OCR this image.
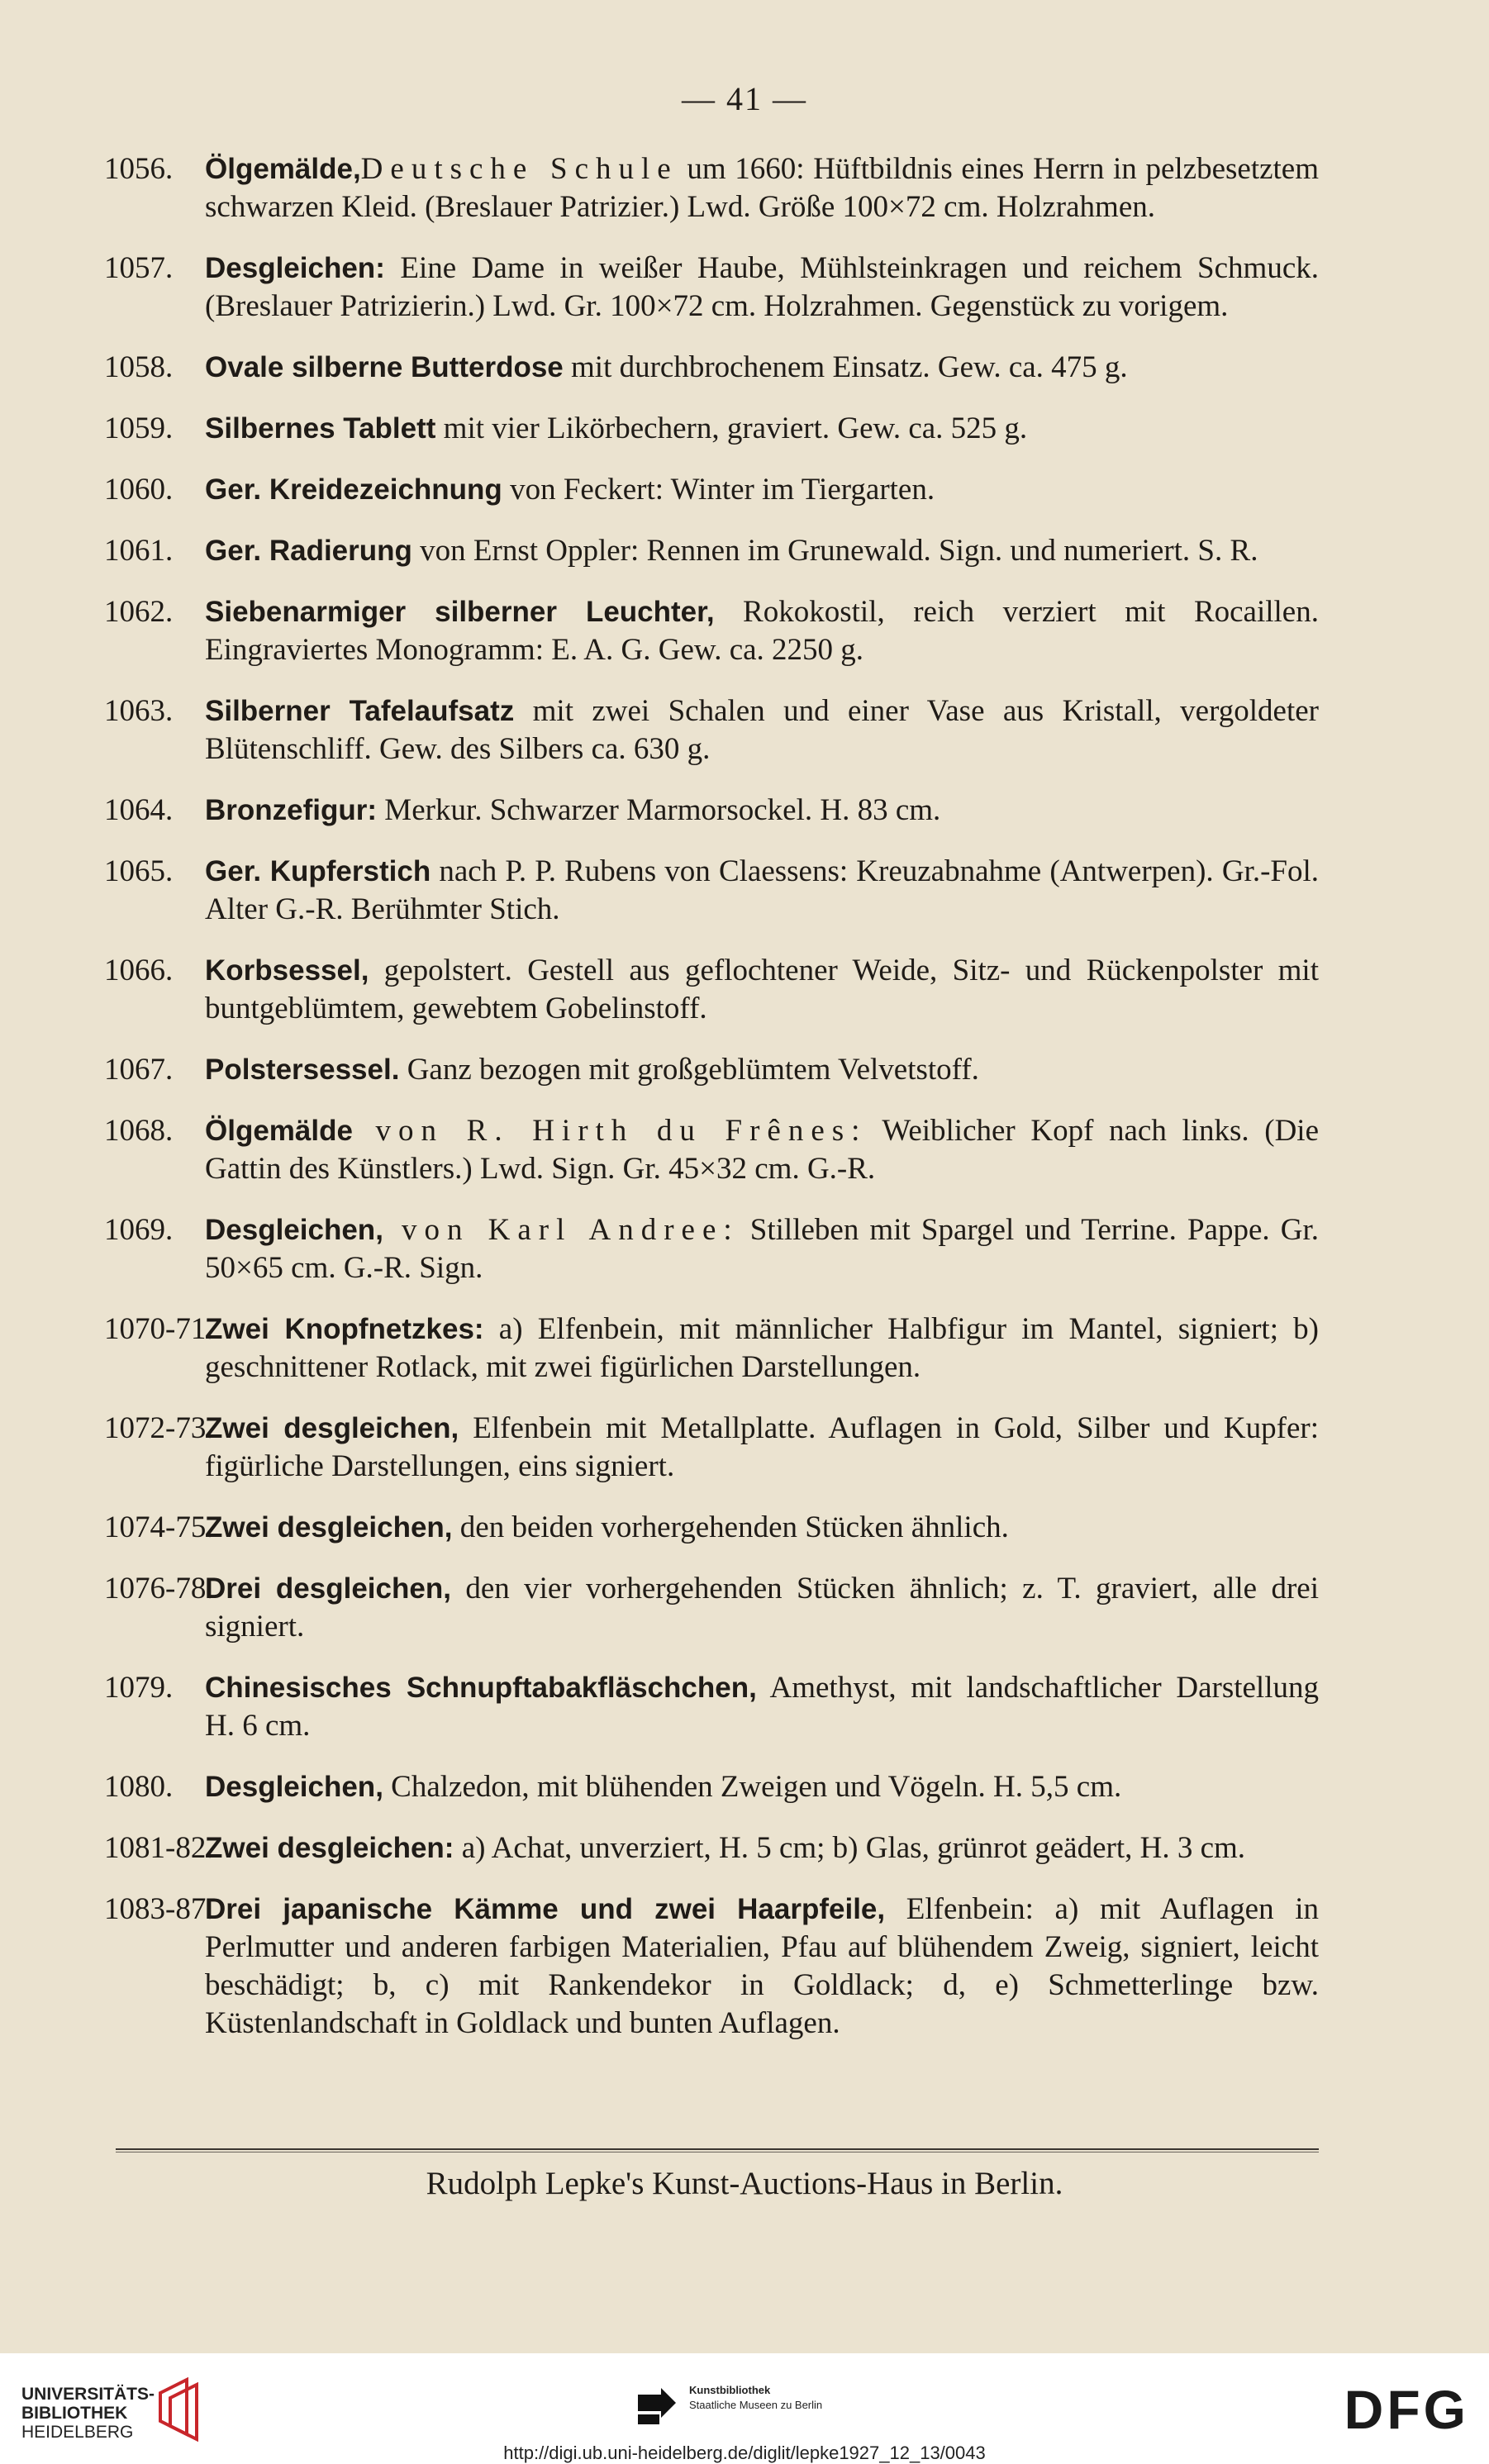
— 41 —
1056. Ölgemälde,Deutsche Schule um 1660: Hüftbildnis eines Herrn in pelzbesetztem schwarzen Kleid. (Breslauer Patrizier.) Lwd. Größe 100×72 cm. Holzrahmen.
1057. Desgleichen: Eine Dame in weißer Haube, Mühlsteinkragen und reichem Schmuck. (Breslauer Patrizierin.) Lwd. Gr. 100×72 cm. Holzrahmen. Gegenstück zu vorigem.
1058. Ovale silberne Butterdose mit durchbrochenem Einsatz. Gew. ca. 475 g.
1059. Silbernes Tablett mit vier Likörbechern, graviert. Gew. ca. 525 g.
1060. Ger. Kreidezeichnung von Feckert: Winter im Tiergarten.
1061. Ger. Radierung von Ernst Oppler: Rennen im Grunewald. Sign. und numeriert. S. R.
1062. Siebenarmiger silberner Leuchter, Rokokostil, reich verziert mit Rocaillen. Eingraviertes Monogramm: E. A. G. Gew. ca. 2250 g.
1063. Silberner Tafelaufsatz mit zwei Schalen und einer Vase aus Kristall, vergoldeter Blütenschliff. Gew. des Silbers ca. 630 g.
1064. Bronzefigur: Merkur. Schwarzer Marmorsockel. H. 83 cm.
1065. Ger. Kupferstich nach P. P. Rubens von Claessens: Kreuzabnahme (Antwerpen). Gr.-Fol. Alter G.-R. Berühmter Stich.
1066. Korbsessel, gepolstert. Gestell aus geflochtener Weide, Sitz- und Rückenpolster mit buntgeblümtem, gewebtem Gobelinstoff.
1067. Polstersessel. Ganz bezogen mit großgeblümtem Velvetstoff.
1068. Ölgemälde von R. Hirth du Frênes: Weiblicher Kopf nach links. (Die Gattin des Künstlers.) Lwd. Sign. Gr. 45×32 cm. G.-R.
1069. Desgleichen, von Karl Andree: Stilleben mit Spargel und Terrine. Pappe. Gr. 50×65 cm. G.-R. Sign.
1070-71.
Zwei Knopfnetzkes: a) Elfenbein, mit männlicher Halbfigur im Mantel, signiert; b) geschnittener Rotlack, mit zwei figürlichen Darstellungen.
1072-73.
Zwei desgleichen, Elfenbein mit Metallplatte. Auflagen in Gold, Silber und Kupfer: figürliche Darstellungen, eins signiert.
1074-75.
Zwei desgleichen, den beiden vorhergehenden Stücken ähnlich.
1076-78.
Drei desgleichen, den vier vorhergehenden Stücken ähnlich; z. T. graviert, alle drei signiert.
1079. Chinesisches Schnupftabakfläschchen, Amethyst, mit landschaftlicher Darstellung H. 6 cm.
1080. Desgleichen, Chalzedon, mit blühenden Zweigen und Vögeln. H. 5,5 cm.
1081-82.
Zwei desgleichen: a) Achat, unverziert, H. 5 cm; b) Glas, grünrot geädert, H. 3 cm.
1083-87.
Drei japanische Kämme und zwei Haarpfeile, Elfenbein: a) mit Auflagen in Perlmutter und anderen farbigen Materialien, Pfau auf blühendem Zweig, signiert, leicht beschädigt; b, c) mit Rankendekor in Goldlack; d, e) Schmetterlinge bzw. Küstenlandschaft in Goldlack und bunten Auflagen.
Rudolph Lepke's Kunst-Auctions-Haus in Berlin.
UNIVERSITÄTS-
BIBLIOTHEK
HEIDELBERG
Kunstbibliothek
Staatliche Museen zu Berlin	DFG
http://digi.ub.uni-heidelberg.de/diglit/lepke1927_12_13/0043
